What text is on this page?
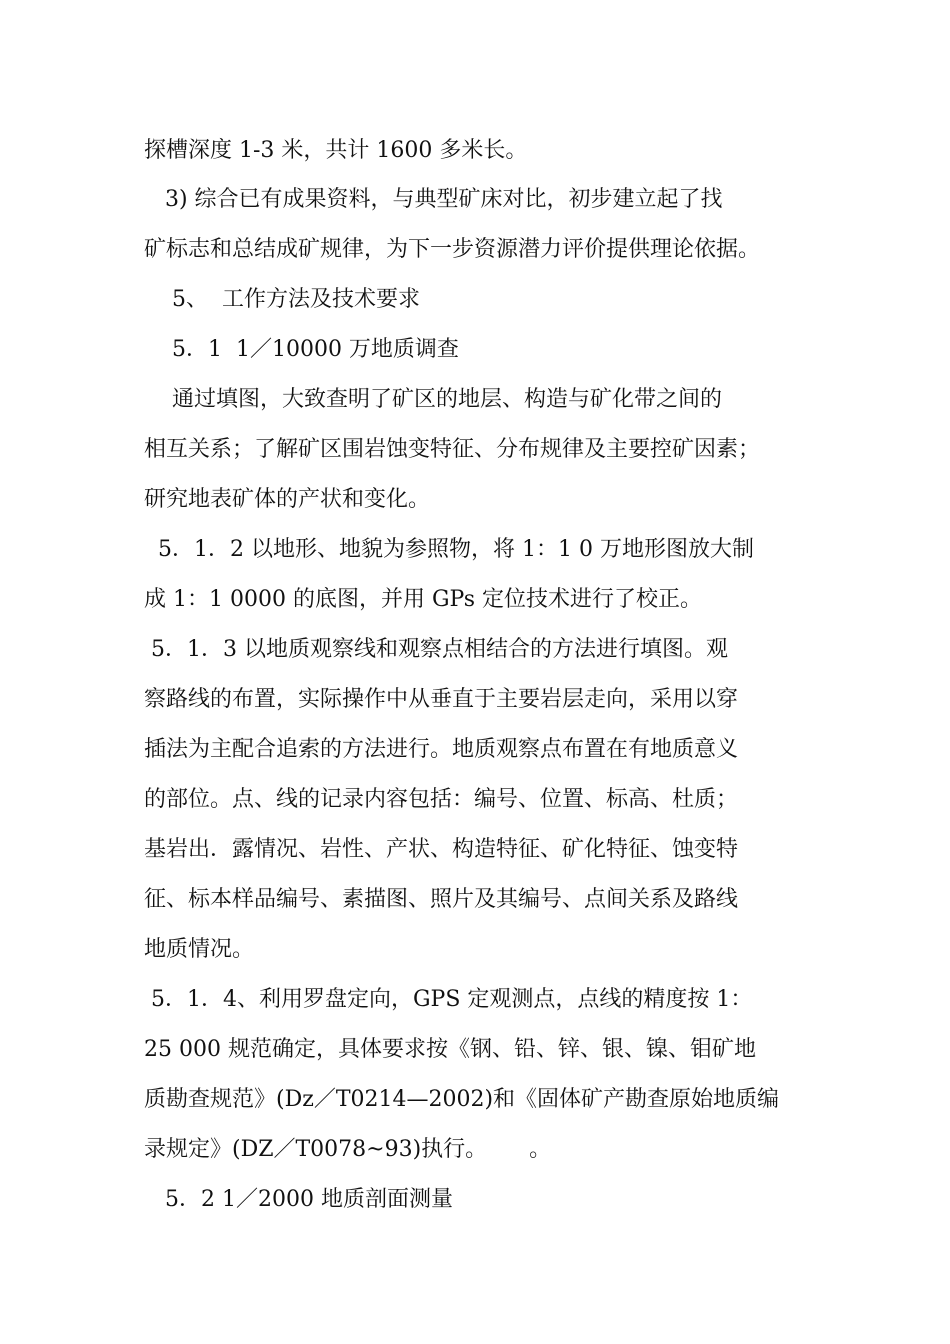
探槽深度 1-3 米，共计 1600 多米长。
3) 综合已有成果资料，与典型矿床对比，初步建立起了找
矿标志和总结成矿规律，为下一步资源潜力评价提供理论依据。
5、  工作方法及技术要求
5．1  1／10000 万地质调查
通过填图，大致查明了矿区的地层、构造与矿化带之间的
相互关系；了解矿区围岩蚀变特征、分布规律及主要控矿因素；
研究地表矿体的产状和变化。
5．1．2 以地形、地貌为参照物，将 1：1 0 万地形图放大制
成 1：1 0000 的底图，并用 GPs 定位技术进行了校正。
5．1．3 以地质观察线和观察点相结合的方法进行填图。观
察路线的布置，实际操作中从垂直于主要岩层走向，采用以穿
插法为主配合追索的方法进行。地质观察点布置在有地质意义
的部位。点、线的记录内容包括：编号、位置、标高、杜质；
基岩出．露情况、岩性、产状、构造特征、矿化特征、蚀变特
征、标本样品编号、素描图、照片及其编号、点间关系及路线
地质情况。
5．1．4、利用罗盘定向，GPS 定观测点，点线的精度按 1：
25 000 规范确定，具体要求按《钢、铅、锌、银、镍、钼矿地
质勘查规范》(Dz／T0214—2002)和《固体矿产勘查原始地质编
录规定》(DZ／T0078~93)执行。      。
5．2 1／2000 地质剖面测量
